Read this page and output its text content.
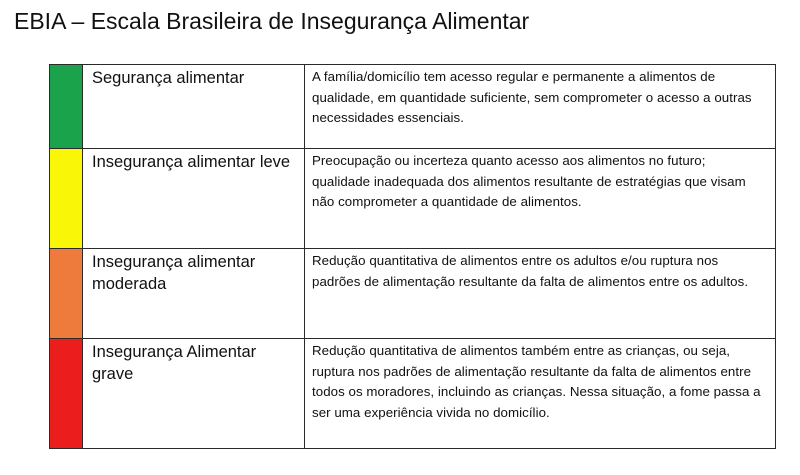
EBIA – Escala Brasileira de Insegurança Alimentar

	Segurança alimentar	A família/domicílio tem acesso regular e permanente a alimentos de qualidade, em quantidade suficiente, sem comprometer o acesso a outras necessidades essenciais.

	Insegurança alimentar leve	Preocupação ou incerteza quanto acesso aos alimentos no futuro; qualidade inadequada dos alimentos resultante de estratégias que visam não comprometer a quantidade de alimentos.

	Insegurança alimentar moderada	Redução quantitativa de alimentos entre os adultos e/ou ruptura nos padrões de alimentação resultante da falta de alimentos entre os adultos.

	Insegurança Alimentar grave	Redução quantitativa de alimentos também entre as crianças, ou seja, ruptura nos padrões de alimentação resultante da falta de alimentos entre todos os moradores, incluindo as crianças. Nessa situação, a fome passa a ser uma experiência vivida no domicílio.
